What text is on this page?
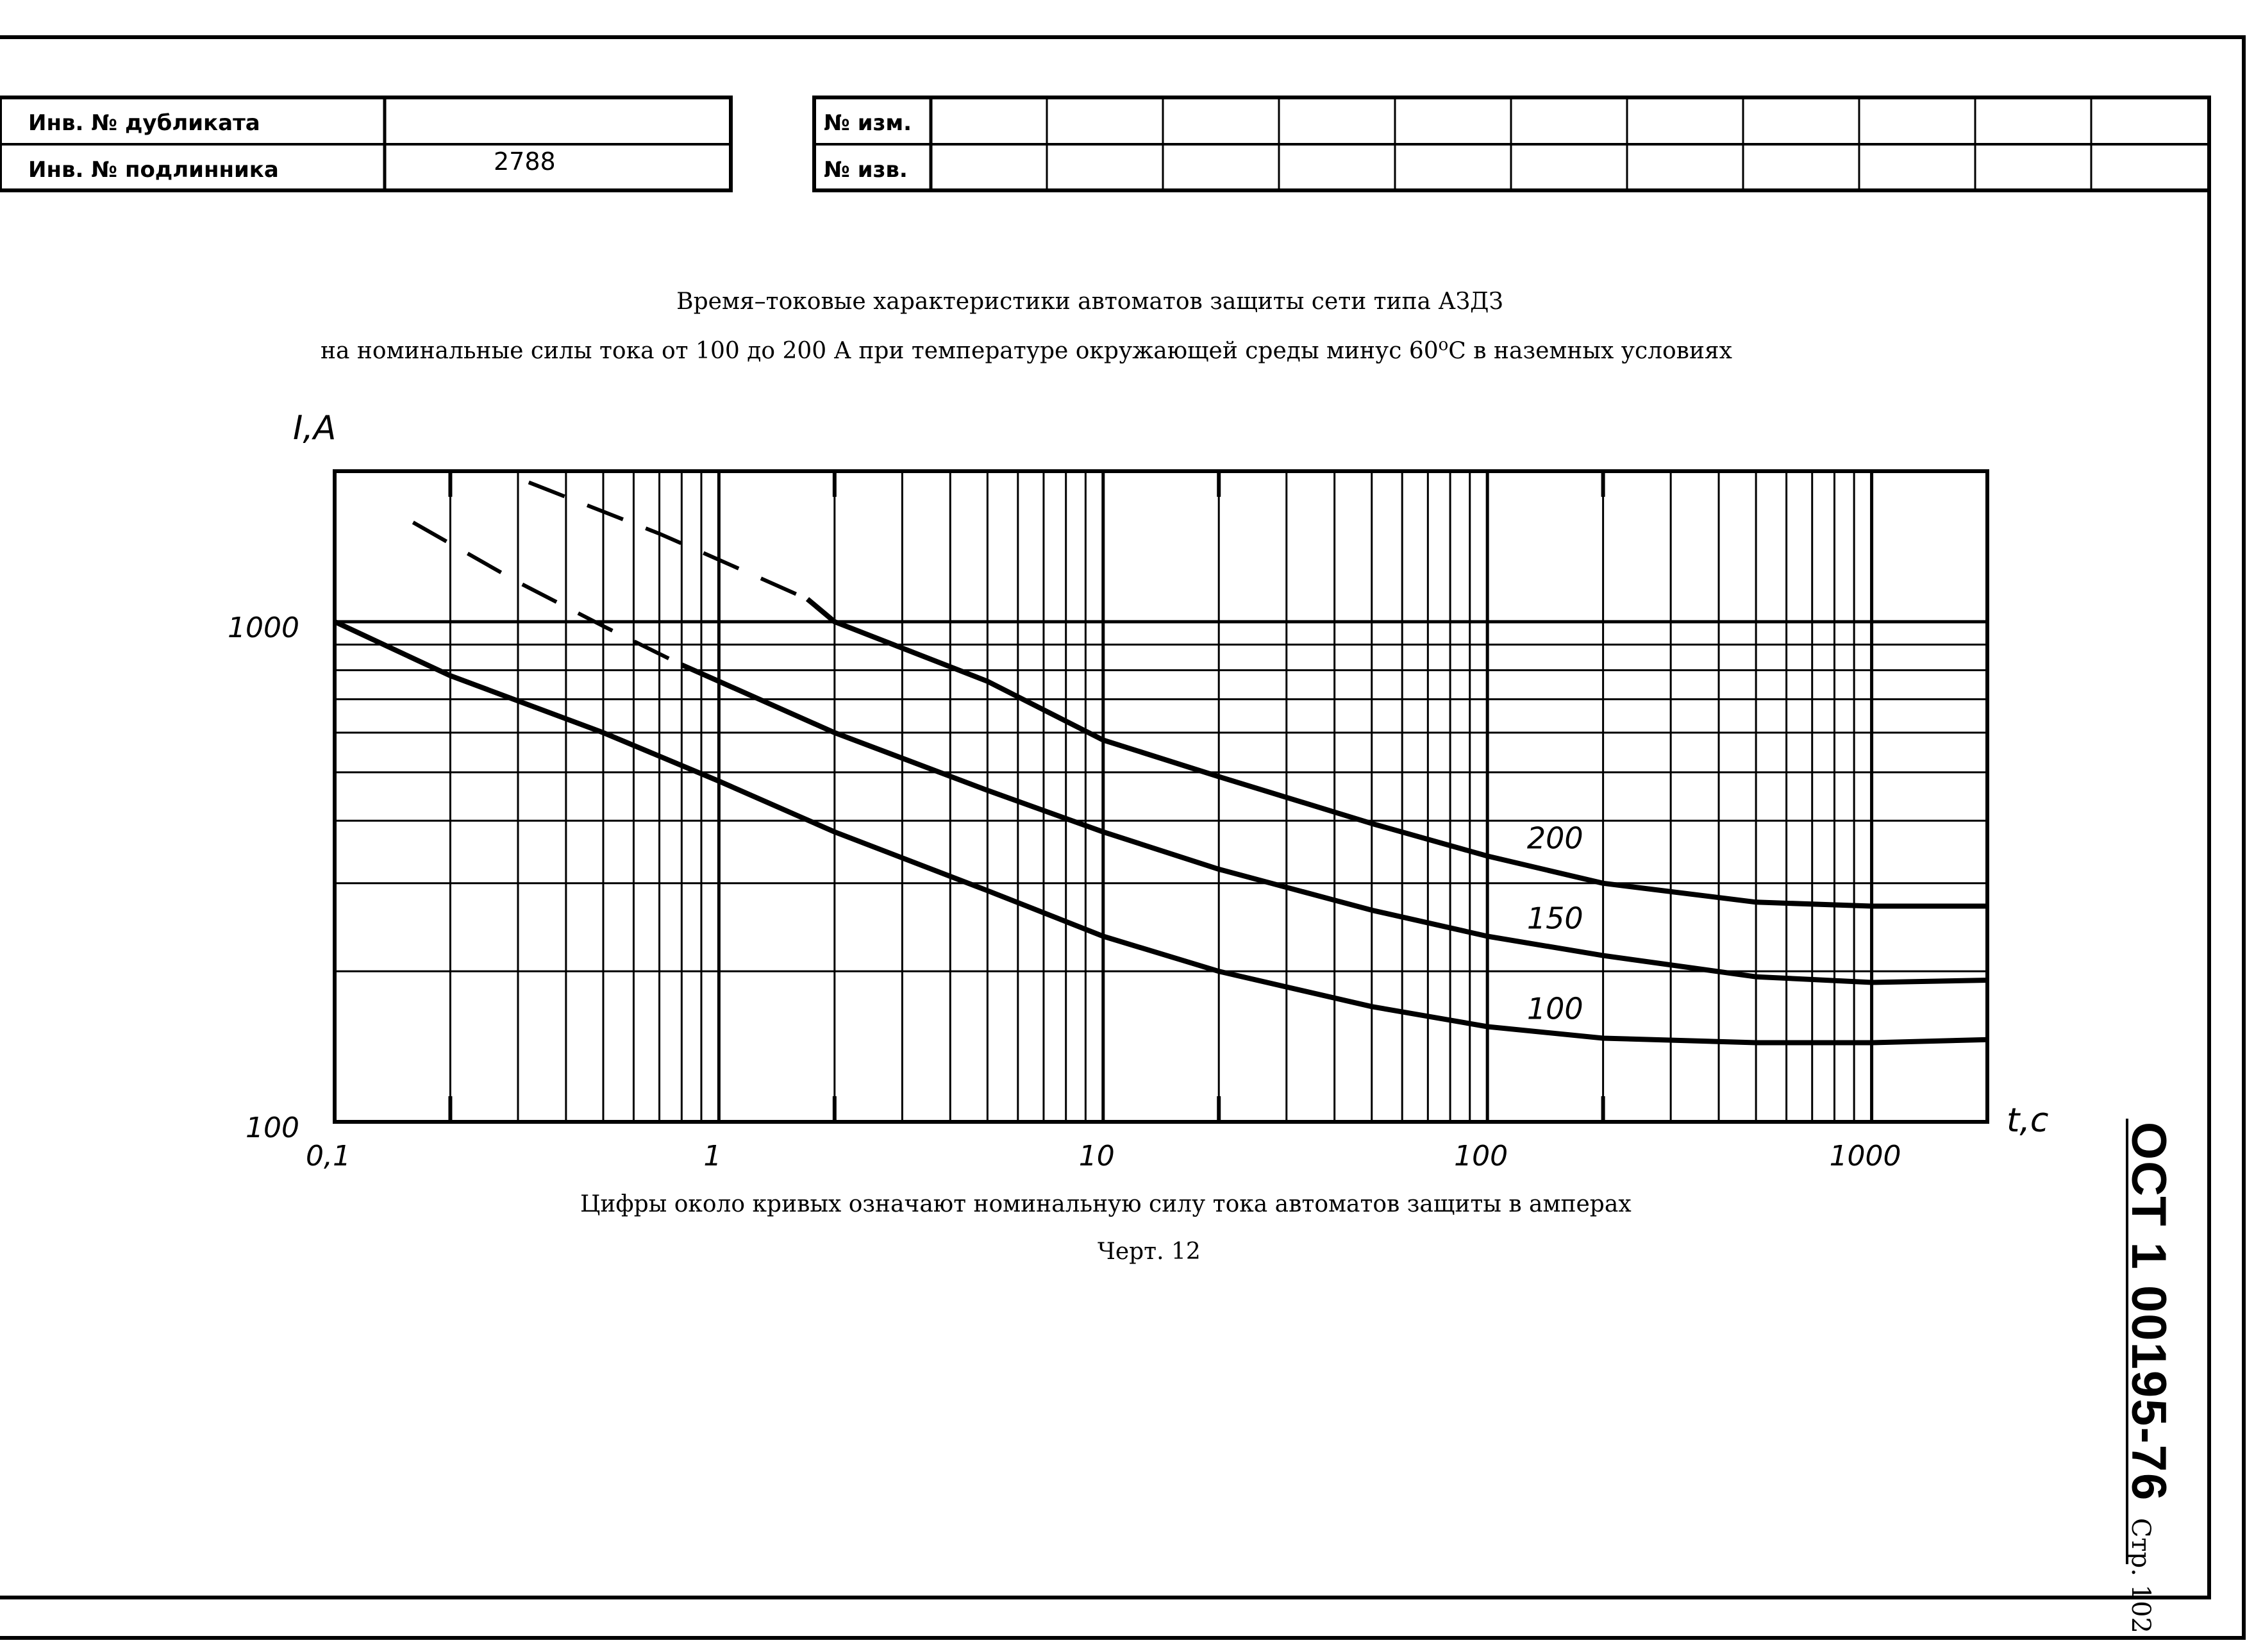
Инв. № дубликата
Инв. № подлинника	2788
№ изм.
№ изв.
Время–токовые характеристики автоматов защиты сети типа АЗДЗ
на номинальные силы тока от 100 до 200 А при температуре окружающей среды минус 60$^o$С в наземных условиях
0,1	1	10	100	1000
100
1000
I,A
t,с
100
150
200
Цифры около кривых означают номинальную силу тока автоматов защиты в амперах
Черт. 12	ОСТ 1 00195-76 Стр. 102
